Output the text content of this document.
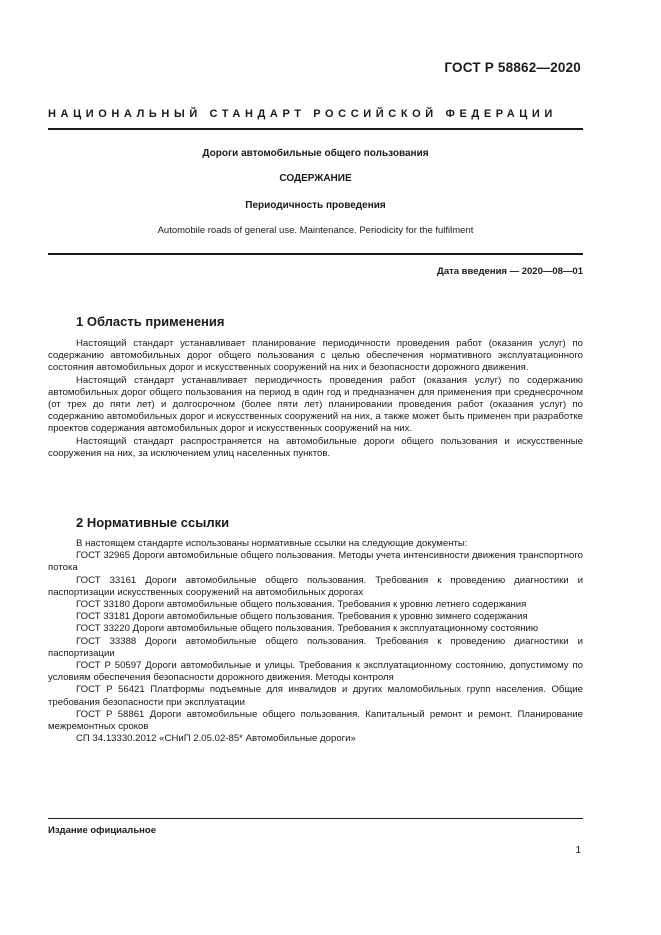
ГОСТ Р 58862—2020
НАЦИОНАЛЬНЫЙ СТАНДАРТ РОССИЙСКОЙ ФЕДЕРАЦИИ
Дороги автомобильные общего пользования
СОДЕРЖАНИЕ
Периодичность проведения
Automobile roads of general use. Maintenance. Periodicity for the fulfilment
Дата введения — 2020—08—01
1 Область применения

Настоящий стандарт устанавливает планирование периодичности проведения работ (оказания услуг) по содержанию автомобильных дорог общего пользования с целью обеспечения нормативного эксплуатационного состояния автомобильных дорог и искусственных сооружений на них и безопасности дорожного движения.

Настоящий стандарт устанавливает периодичность проведения работ (оказания услуг) по содержанию автомобильных дорог общего пользования на период в один год и предназначен для применения при среднесрочном (от трех до пяти лет) и долгосрочном (более пяти лет) планировании проведения работ (оказания услуг) по содержанию автомобильных дорог и искусственных сооружений на них, а также может быть применен при разработке проектов содержания автомобильных дорог и искусственных сооружений на них.

Настоящий стандарт распространяется на автомобильные дороги общего пользования и искусственные сооружения на них, за исключением улиц населенных пунктов.

2 Нормативные ссылки

В настоящем стандарте использованы нормативные ссылки на следующие документы:

ГОСТ 32965 Дороги автомобильные общего пользования. Методы учета интенсивности движения транспортного потока

ГОСТ 33161 Дороги автомобильные общего пользования. Требования к проведению диагностики и паспортизации искусственных сооружений на автомобильных дорогах

ГОСТ 33180 Дороги автомобильные общего пользования. Требования к уровню летнего содержания

ГОСТ 33181 Дороги автомобильные общего пользования. Требования к уровню зимнего содержания

ГОСТ 33220 Дороги автомобильные общего пользования. Требования к эксплуатационному состоянию

ГОСТ 33388 Дороги автомобильные общего пользования. Требования к проведению диагностики и паспортизации

ГОСТ Р 50597 Дороги автомобильные и улицы. Требования к эксплуатационному состоянию, допустимому по условиям обеспечения безопасности дорожного движения. Методы контроля

ГОСТ Р 56421 Платформы подъемные для инвалидов и других маломобильных групп населения. Общие требования безопасности при эксплуатации

ГОСТ Р 58861 Дороги автомобильные общего пользования. Капитальный ремонт и ремонт. Планирование межремонтных сроков

СП 34.13330.2012 «СНиП 2.05.02-85* Автомобильные дороги»

Издание официальное
1
